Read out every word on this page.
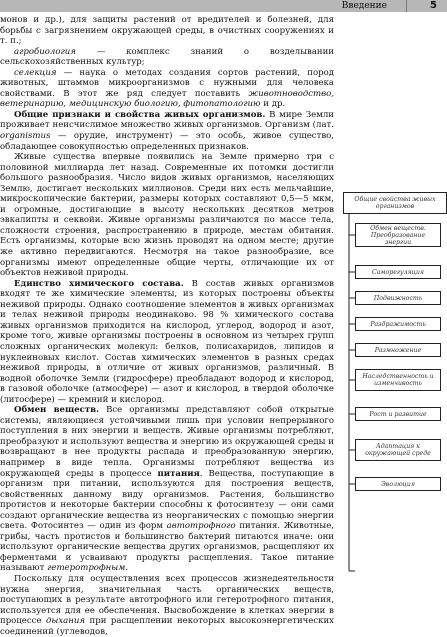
Введение	5

монов и др.), для защиты растений от вредителей и болезней, для борьбы с загрязнением окружающей среды, в очистных сооружениях и т. п.;

агробиология — комплекс знаний о возделывании сельскохозяйственных культур;

селекция — наука о методах создания сортов растений, пород животных, штаммов микроорганизмов с нужными для человека свойствами. В этот же ряд следует поставить животноводство, ветеринарию, медицинскую биологию, фитопатологию и др.

Общие признаки и свойства живых организмов. В мире Земли проживает неисчислимое множество живых организмов. Организм (лат. organismus — орудие, инструмент) — это особь, живое существо, обладающее совокупностью определенных признаков.

Живые существа впервые появились на Земле примерно три с половиной миллиарда лет назад. Современные их потомки достигли большого разнообразия. Число видов живых организмов, населяющих Землю, достигает нескольких миллионов. Среди них есть мельчайшие, микроскопические бактерии, размеры которых составляют 0,5—5 мкм, и огромные, достигающие в высоту нескольких десятков метров эвкалипты и секвойи. Живые организмы различаются по массе тела, сложности строения, распространению в природе, местам обитания. Есть организмы, которые всю жизнь проводят на одном месте; другие же активно передвигаются. Несмотря на такое разнообразие, все организмы имеют определенные общие черты, отличающие их от объектов неживой природы.

Единство химического состава. В состав живых организмов входят те же химические элементы, из которых построены объекты неживой природы. Однако соотношение элементов в живых организмах и телах неживой природы неодинаково. 98 % химического состава живых организмов приходится на кислород, углерод, водород и азот, кроме того, живые организмы построены в основном из четырех групп сложных органических молекул: белков, полисахаридов, липидов и нуклеиновых кислот. Состав химических элементов в разных средах неживой природы, в отличие от живых организмов, различный. В водной оболочке Земли (гидросфере) преобладают водород и кислород, в газовой оболочке (атмосфере) — азот и кислород, в твердой оболочке (литосфере) — кремний и кислород.

Обмен веществ. Все организмы представляют собой открытые системы, являющиеся устойчивыми лишь при условии непрерывного поступления в них энергии и веществ. Живые организмы потребляют, преобразуют и используют вещества и энергию из окружающей среды и возвращают в нее продукты распада и преобразованную энергию, например в виде тепла. Организмы потребляют вещества из окружающей среды в процессе питания. Вещества, поступающие в организм при питании, используются для построения веществ, свойственных данному виду организмов. Растения, большинство протистов и некоторые бактерии способны к фотосинтезу — они сами создают органические вещества из неорганических с помощью энергии света. Фотосинтез — один из форм автотрофного питания. Животные, грибы, часть протистов и большинство бактерий питаются иначе: они используют органические вещества других организмов, расщепляют их ферментами и усваивают продукты расщепления. Такое питание называют гетеротрофным.

Поскольку для осуществления всех процессов жизнедеятельности нужна энергия, значительная часть органических веществ, поступающих в результате автотрофного или гетеротрофного питания, используется для ее обеспечения. Высвобождение в клетках энергии в процессе дыхания при расщеплении некоторых высокоэнергетических соединений (углеводов,

Общие свойства живых организмов
Обмен веществ. Преобразование энергии
Саморегуляция
Подвижность
Раздражимость
Размножение
Наследственность и изменчивость
Рост и развитие
Адаптация к окружающей среде
Эволюция
